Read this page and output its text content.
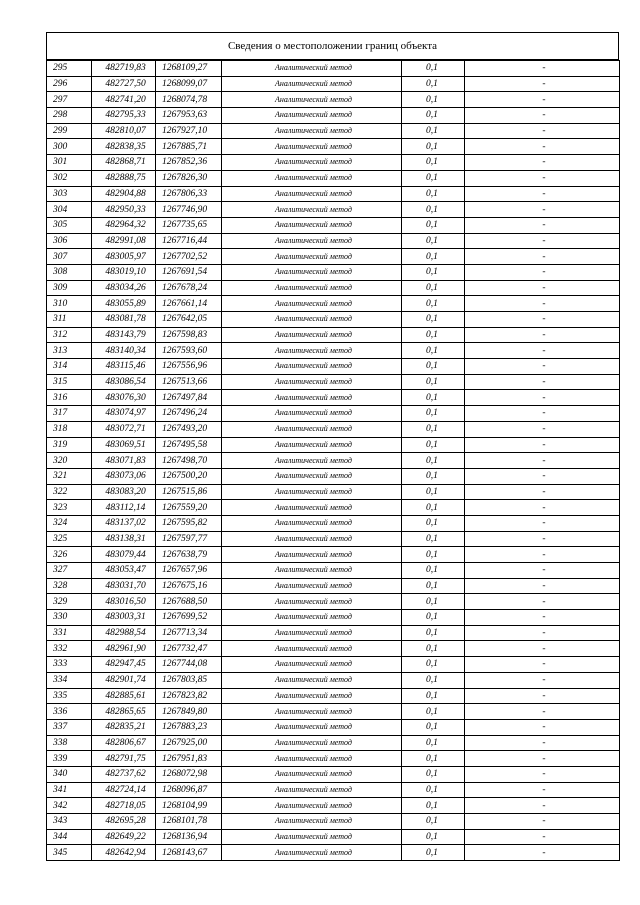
Сведения о местоположении границ объекта
295	482719,83	1268109,27	Аналитический метод	0,1	-
296	482727,50	1268099,07	Аналитический метод	0,1	-
297	482741,20	1268074,78	Аналитический метод	0,1	-
298	482795,33	1267953,63	Аналитический метод	0,1	-
299	482810,07	1267927,10	Аналитический метод	0,1	-
300	482838,35	1267885,71	Аналитический метод	0,1	-
301	482868,71	1267852,36	Аналитический метод	0,1	-
302	482888,75	1267826,30	Аналитический метод	0,1	-
303	482904,88	1267806,33	Аналитический метод	0,1	-
304	482950,33	1267746,90	Аналитический метод	0,1	-
305	482964,32	1267735,65	Аналитический метод	0,1	-
306	482991,08	1267716,44	Аналитический метод	0,1	-
307	483005,97	1267702,52	Аналитический метод	0,1	-
308	483019,10	1267691,54	Аналитический метод	0,1	-
309	483034,26	1267678,24	Аналитический метод	0,1	-
310	483055,89	1267661,14	Аналитический метод	0,1	-
311	483081,78	1267642,05	Аналитический метод	0,1	-
312	483143,79	1267598,83	Аналитический метод	0,1	-
313	483140,34	1267593,60	Аналитический метод	0,1	-
314	483115,46	1267556,96	Аналитический метод	0,1	-
315	483086,54	1267513,66	Аналитический метод	0,1	-
316	483076,30	1267497,84	Аналитический метод	0,1	-
317	483074,97	1267496,24	Аналитический метод	0,1	-
318	483072,71	1267493,20	Аналитический метод	0,1	-
319	483069,51	1267495,58	Аналитический метод	0,1	-
320	483071,83	1267498,70	Аналитический метод	0,1	-
321	483073,06	1267500,20	Аналитический метод	0,1	-
322	483083,20	1267515,86	Аналитический метод	0,1	-
323	483112,14	1267559,20	Аналитический метод	0,1	-
324	483137,02	1267595,82	Аналитический метод	0,1	-
325	483138,31	1267597,77	Аналитический метод	0,1	-
326	483079,44	1267638,79	Аналитический метод	0,1	-
327	483053,47	1267657,96	Аналитический метод	0,1	-
328	483031,70	1267675,16	Аналитический метод	0,1	-
329	483016,50	1267688,50	Аналитический метод	0,1	-
330	483003,31	1267699,52	Аналитический метод	0,1	-
331	482988,54	1267713,34	Аналитический метод	0,1	-
332	482961,90	1267732,47	Аналитический метод	0,1	-
333	482947,45	1267744,08	Аналитический метод	0,1	-
334	482901,74	1267803,85	Аналитический метод	0,1	-
335	482885,61	1267823,82	Аналитический метод	0,1	-
336	482865,65	1267849,80	Аналитический метод	0,1	-
337	482835,21	1267883,23	Аналитический метод	0,1	-
338	482806,67	1267925,00	Аналитический метод	0,1	-
339	482791,75	1267951,83	Аналитический метод	0,1	-
340	482737,62	1268072,98	Аналитический метод	0,1	-
341	482724,14	1268096,87	Аналитический метод	0,1	-
342	482718,05	1268104,99	Аналитический метод	0,1	-
343	482695,28	1268101,78	Аналитический метод	0,1	-
344	482649,22	1268136,94	Аналитический метод	0,1	-
345	482642,94	1268143,67	Аналитический метод	0,1	-
